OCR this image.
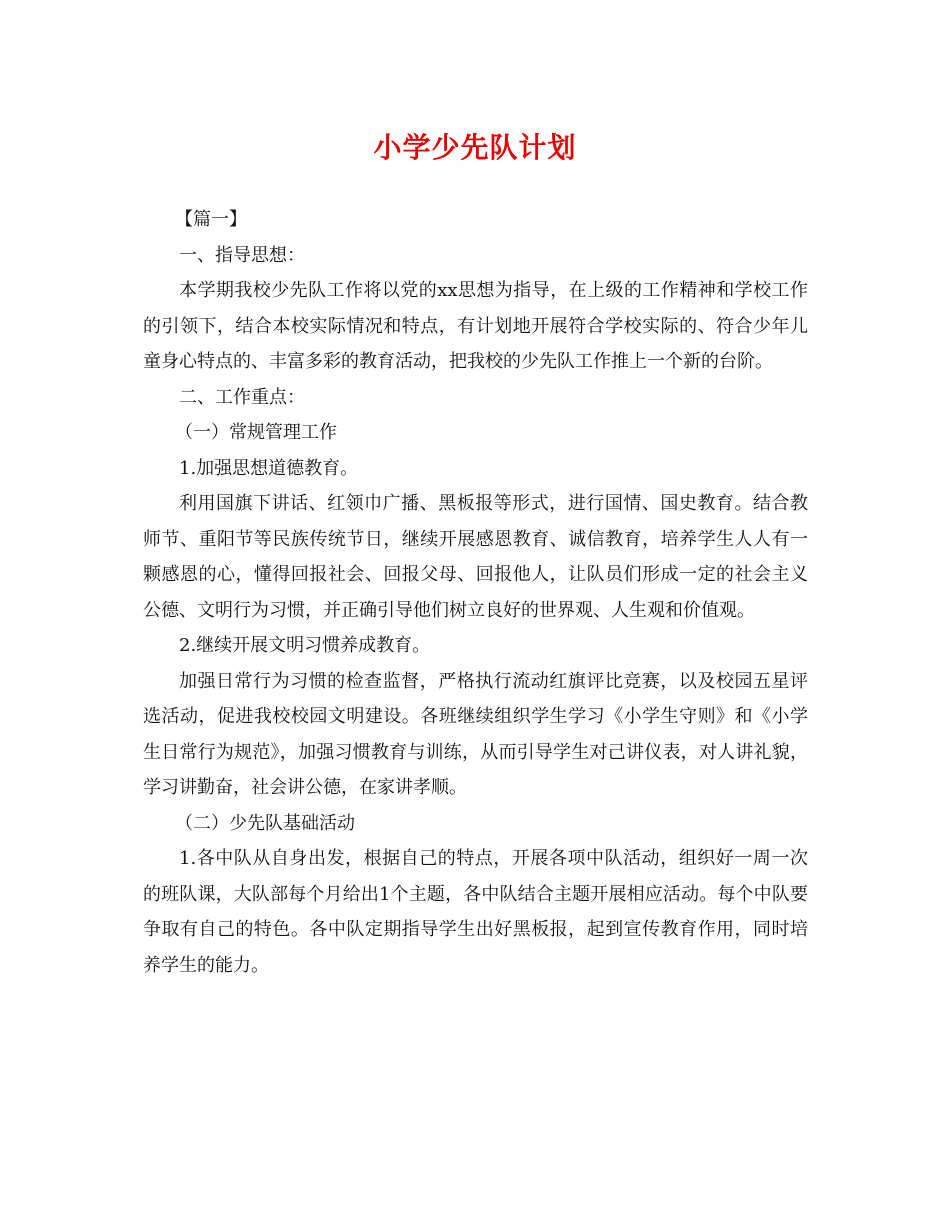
小学少先队计划

【篇一】

一、指导思想：

本学期我校少先队工作将以党的xx思想为指导，在上级的工作精神和学校工作的引领下，结合本校实际情况和特点，有计划地开展符合学校实际的、符合少年儿童身心特点的、丰富多彩的教育活动，把我校的少先队工作推上一个新的台阶。

二、工作重点：

（一）常规管理工作

1.加强思想道德教育。

利用国旗下讲话、红领巾广播、黑板报等形式，进行国情、国史教育。结合教师节、重阳节等民族传统节日，继续开展感恩教育、诚信教育，培养学生人人有一颗感恩的心，懂得回报社会、回报父母、回报他人，让队员们形成一定的社会主义公德、文明行为习惯，并正确引导他们树立良好的世界观、人生观和价值观。

2.继续开展文明习惯养成教育。

加强日常行为习惯的检查监督，严格执行流动红旗评比竞赛，以及校园五星评选活动，促进我校校园文明建设。各班继续组织学生学习《小学生守则》和《小学生日常行为规范》，加强习惯教育与训练，从而引导学生对己讲仪表，对人讲礼貌，学习讲勤奋，社会讲公德，在家讲孝顺。

（二）少先队基础活动

1.各中队从自身出发，根据自己的特点，开展各项中队活动，组织好一周一次的班队课，大队部每个月给出1个主题，各中队结合主题开展相应活动。每个中队要争取有自己的特色。各中队定期指导学生出好黑板报，起到宣传教育作用，同时培养学生的能力。
